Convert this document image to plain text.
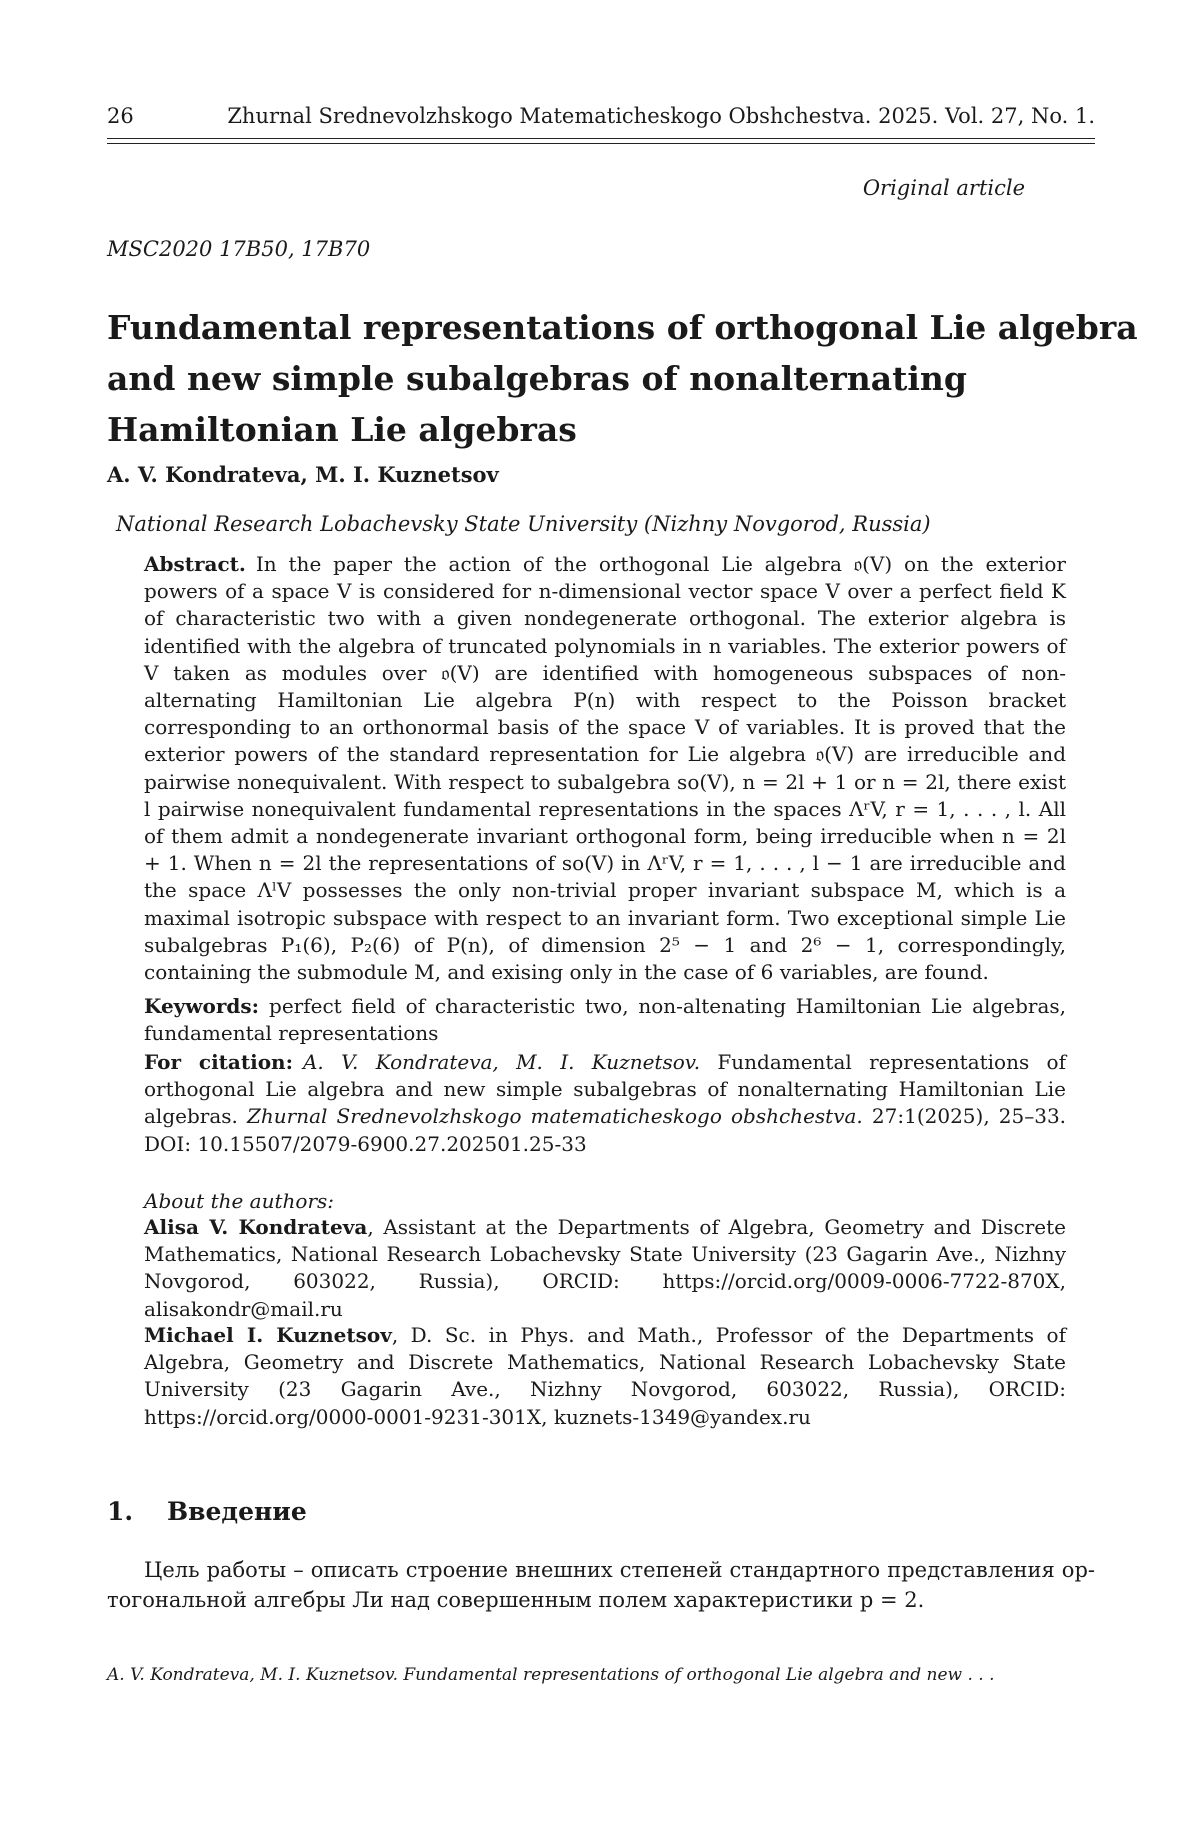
26	Zhurnal Srednevolzhskogo Matematicheskogo Obshchestva. 2025. Vol. 27, No. 1.
Original article
MSC2020 17B50, 17B70
Fundamental representations of orthogonal Lie algebra
and new simple subalgebras of nonalternating
Hamiltonian Lie algebras
A. V. Kondrateva, M. I. Kuznetsov
National Research Lobachevsky State University (Nizhny Novgorod, Russia)
Abstract. In the paper the action of the orthogonal Lie algebra 𝔬(V) on the exterior powers of a space V is considered for n-dimensional vector space V over a perfect field K of characteristic two with a given nondegenerate orthogonal. The exterior algebra is identified with the algebra of truncated polynomials in n variables. The exterior powers of V taken as modules over 𝔬(V) are identified with homogeneous subspaces of non-alternating Hamiltonian Lie algebra P(n) with respect to the Poisson bracket corresponding to an orthonormal basis of the space V of variables. It is proved that the exterior powers of the standard representation for Lie algebra 𝔬(V) are irreducible and pairwise nonequivalent. With respect to subalgebra so(V), n = 2l + 1 or n = 2l, there exist l pairwise nonequivalent fundamental representations in the spaces ΛʳV, r = 1, . . . , l. All of them admit a nondegenerate invariant orthogonal form, being irreducible when n = 2l + 1. When n = 2l the representations of so(V) in ΛʳV, r = 1, . . . , l − 1 are irreducible and the space ΛˡV possesses the only non-trivial proper invariant subspace M, which is a maximal isotropic subspace with respect to an invariant form. Two exceptional simple Lie subalgebras P₁(6), P₂(6) of P(n), of dimension 2⁵ − 1 and 2⁶ − 1, correspondingly, containing the submodule M, and exising only in the case of 6 variables, are found.
Keywords: perfect field of characteristic two, non-altenating Hamiltonian Lie algebras, fundamental representations
For citation: A. V. Kondrateva, M. I. Kuznetsov. Fundamental representations of orthogonal Lie algebra and new simple subalgebras of nonalternating Hamiltonian Lie algebras. Zhurnal Srednevolzhskogo matematicheskogo obshchestva. 27:1(2025), 25–33. DOI: 10.15507/2079-6900.27.202501.25-33
About the authors:
Alisa V. Kondrateva, Assistant at the Departments of Algebra, Geometry and Discrete Mathematics, National Research Lobachevsky State University (23 Gagarin Ave., Nizhny Novgorod, 603022, Russia), ORCID: https://orcid.org/0009-0006-7722-870X, alisakondr@mail.ru
Michael I. Kuznetsov, D. Sc. in Phys. and Math., Professor of the Departments of Algebra, Geometry and Discrete Mathematics, National Research Lobachevsky State University (23 Gagarin Ave., Nizhny Novgorod, 603022, Russia), ORCID: https://orcid.org/0000-0001-9231-301X, kuznets-1349@yandex.ru
1. Введение
Цель работы – описать строение внешних степеней стандартного представления ор-
тогональной алгебры Ли над совершенным полем характеристики p = 2.
A. V. Kondrateva, M. I. Kuznetsov. Fundamental representations of orthogonal Lie algebra and new . . .
